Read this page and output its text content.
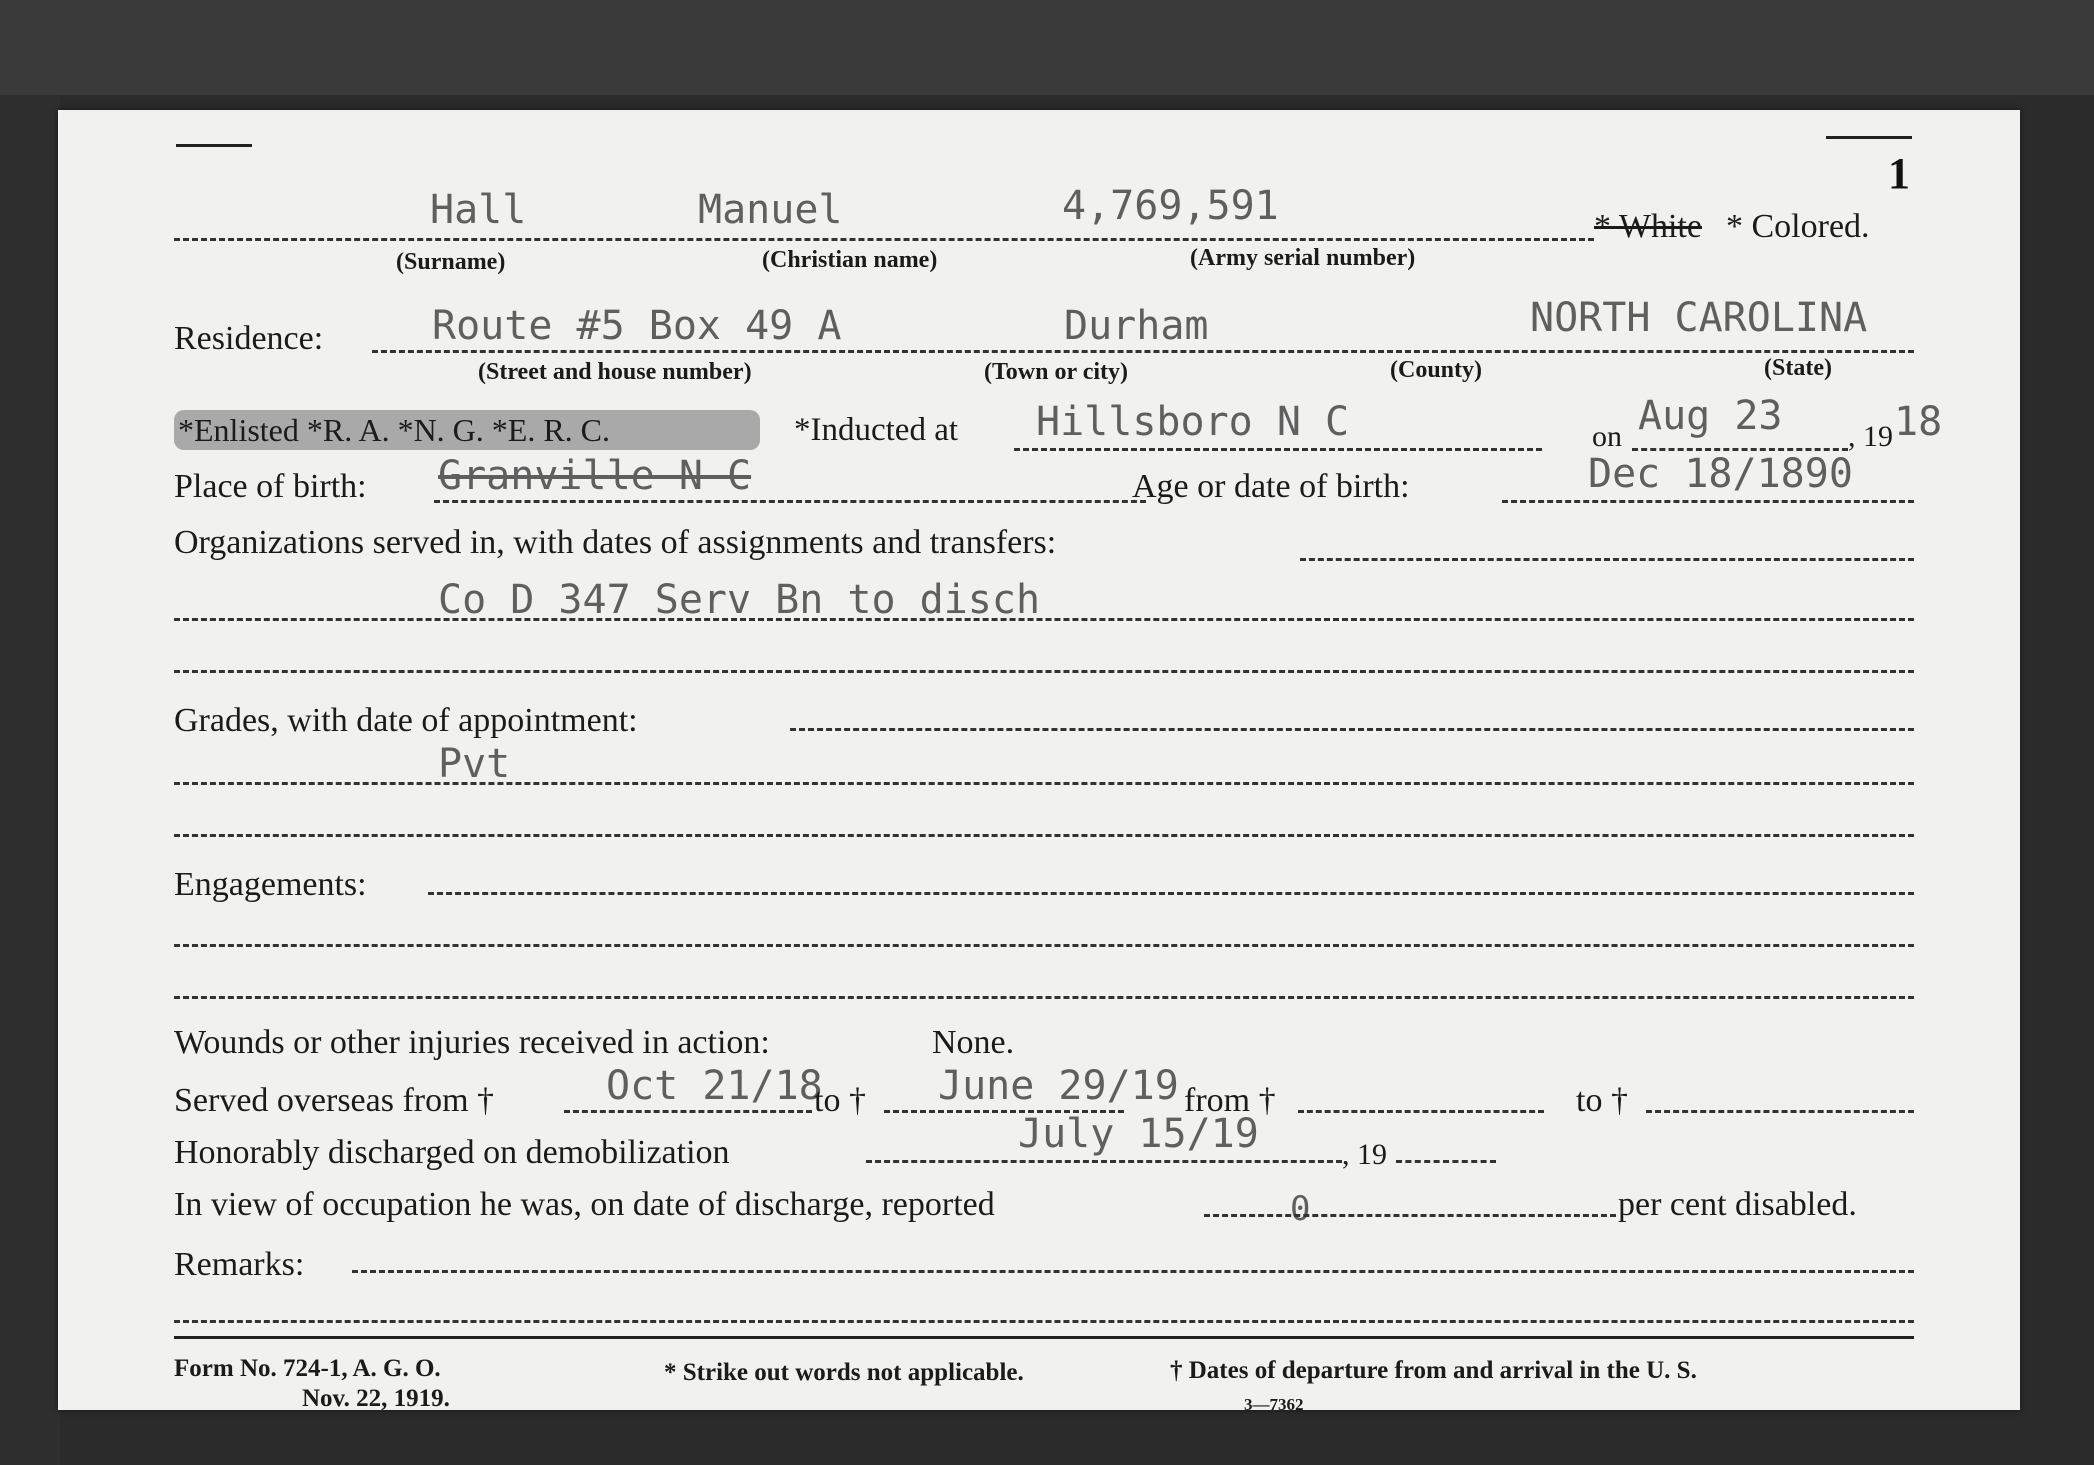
1
Hall	Manuel	4,769,591	* White * Colored.
(Surname)	(Christian name)	(Army serial number)
Residence:	Route #5 Box 49 A	Durham	NORTH CAROLINA
(Street and house number)	(Town or city)	(County)	(State)
*Enlisted *R. A. *N. G. *E. R. C.	*Inducted at Hillsboro N C	on Aug 23 , 19 18
Place of birth: Granville N C	Age or date of birth:	Dec 18/1890
Organizations served in, with dates of assignments and transfers:
Co D 347 Serv Bn to disch
Grades, with date of appointment:
Pvt
Engagements:
Wounds or other injuries received in action:	None.
Served overseas from †	Oct 21/18
to † June 29/19 from †	to †
Honorably discharged on demobilization	July 15/19	, 19
In view of occupation he was, on date of discharge, reported	0	per cent disabled.
Remarks:
Form No. 724-1, A. G. O.
Nov. 22, 1919.
* Strike out words not applicable.	† Dates of departure from and arrival in the U. S.
3—7362
